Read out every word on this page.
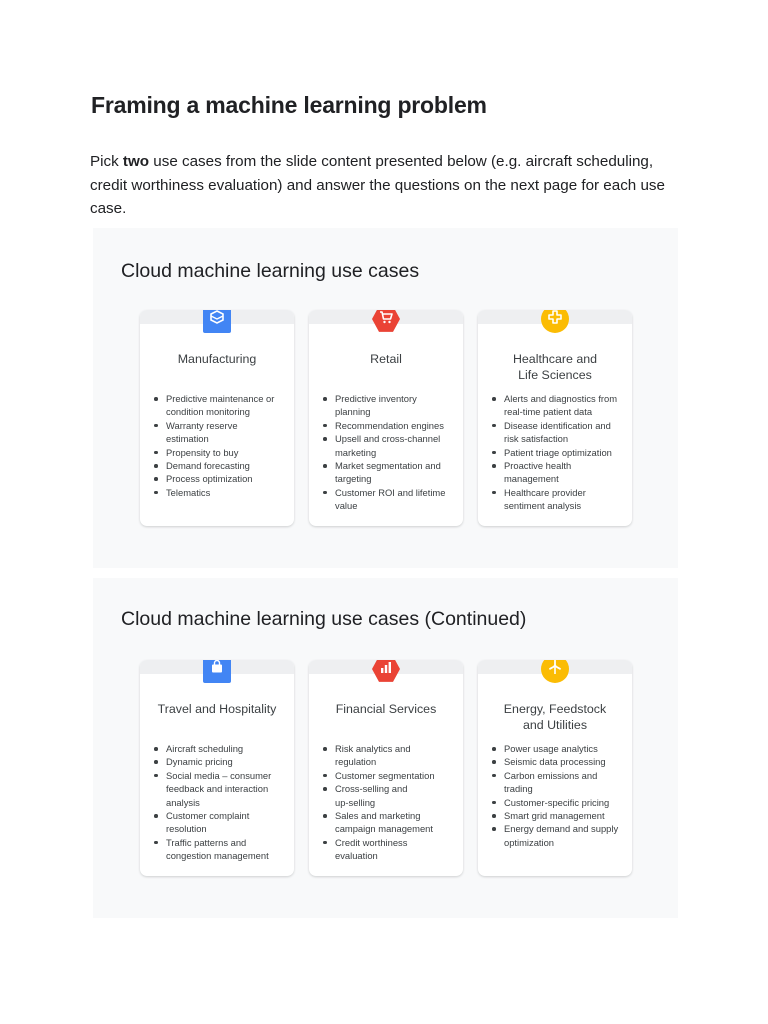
Framing a machine learning problem

Pick two use cases from the slide content presented below (e.g. aircraft scheduling, credit worthiness evaluation) and answer the questions on the next page for each use case.

Cloud machine learning use cases
Manufacturing
Predictive maintenance or
condition monitoring
Warranty reserve
estimation
Propensity to buy
Demand forecasting
Process optimization
Telematics
Retail
Predictive inventory
planning
Recommendation engines
Upsell and cross-channel
marketing
Market segmentation and
targeting
Customer ROI and lifetime
value
Healthcare and
Life Sciences
Alerts and diagnostics from
real-time patient data
Disease identification and
risk satisfaction
Patient triage optimization
Proactive health
management
Healthcare provider
sentiment analysis
Cloud machine learning use cases (Continued)
Travel and Hospitality
Aircraft scheduling
Dynamic pricing
Social media – consumer
feedback and interaction
analysis
Customer complaint
resolution
Traffic patterns and
congestion management
Financial Services
Risk analytics and
regulation
Customer segmentation
Cross-selling and
up-selling
Sales and marketing
campaign management
Credit worthiness
evaluation
Energy, Feedstock
and Utilities
Power usage analytics
Seismic data processing
Carbon emissions and
trading
Customer-specific pricing
Smart grid management
Energy demand and supply
optimization
